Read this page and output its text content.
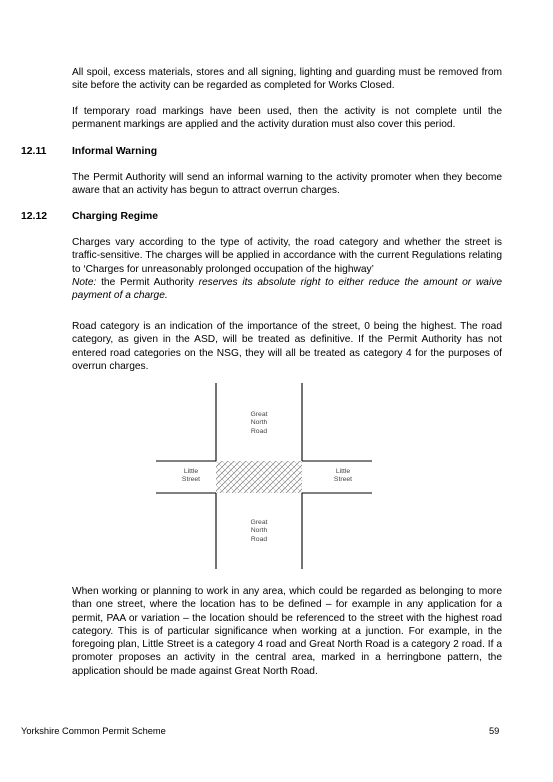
All spoil, excess materials, stores and all signing, lighting and guarding must be removed from site before the activity can be regarded as completed for Works Closed.

If temporary road markings have been used, then the activity is not complete until the permanent markings are applied and the activity duration must also cover this period.

12.11 Informal Warning

The Permit Authority will send an informal warning to the activity promoter when they become aware that an activity has begun to attract overrun charges.

12.12 Charging Regime

Charges vary according to the type of activity, the road category and whether the street is traffic-sensitive. The charges will be applied in accordance with the current Regulations relating to ‘Charges for unreasonably prolonged occupation of the highway’
Note: the Permit Authority reserves its absolute right to either reduce the amount or waive payment of a charge.

Road category is an indication of the importance of the street, 0 being the highest. The road category, as given in the ASD, will be treated as definitive. If the Permit Authority has not entered road categories on the NSG, they will all be treated as category 4 for the purposes of overrun charges.

Great
North
Road
Little
Street
Little
Street
Great
North
Road

When working or planning to work in any area, which could be regarded as belonging to more than one street, where the location has to be defined – for example in any application for a permit, PAA or variation – the location should be referenced to the street with the highest road category. This is of particular significance when working at a junction. For example, in the foregoing plan, Little Street is a category 4 road and Great North Road is a category 2 road. If a promoter proposes an activity in the central area, marked in a herringbone pattern, the application should be made against Great North Road.

Yorkshire Common Permit Scheme	59
